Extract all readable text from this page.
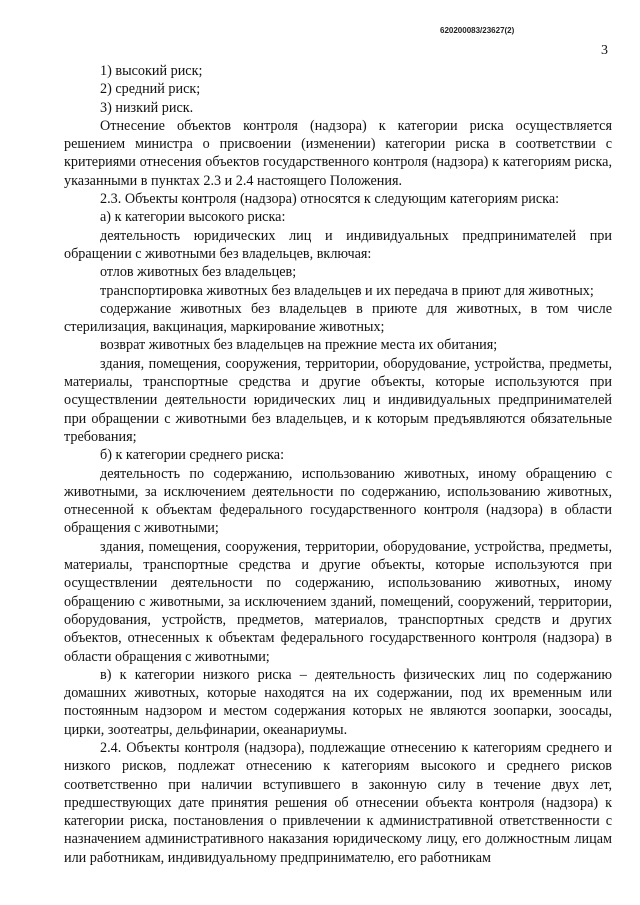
620200083/23627(2)
3

1) высокий риск;

2) средний риск;

3) низкий риск.

Отнесение объектов контроля (надзора) к категории риска осуществляется решением министра о присвоении (изменении) категории риска в соответствии с критериями отнесения объектов государственного контроля (надзора) к категориям риска, указанными в пунктах 2.3 и 2.4 настоящего Положения.

2.3. Объекты контроля (надзора) относятся к следующим категориям риска:

а) к категории высокого риска:

деятельность юридических лиц и индивидуальных предпринимателей при обращении с животными без владельцев, включая:

отлов животных без владельцев;

транспортировка животных без владельцев и их передача в приют для животных;

содержание животных без владельцев в приюте для животных, в том числе стерилизация, вакцинация, маркирование животных;

возврат животных без владельцев на прежние места их обитания;

здания, помещения, сооружения, территории, оборудование, устройства, предметы, материалы, транспортные средства и другие объекты, которые используются при осуществлении деятельности юридических лиц и индивидуальных предпринимателей при обращении с животными без владельцев, и к которым предъявляются обязательные требования;

б) к категории среднего риска:

деятельность по содержанию, использованию животных, иному обращению с животными, за исключением деятельности по содержанию, использованию животных, отнесенной к объектам федерального государственного контроля (надзора) в области обращения с животными;

здания, помещения, сооружения, территории, оборудование, устройства, предметы, материалы, транспортные средства и другие объекты, которые используются при осуществлении деятельности по содержанию, использованию животных, иному обращению с животными, за исключением зданий, помещений, сооружений, территории, оборудования, устройств, предметов, материалов, транспортных средств и других объектов, отнесенных к объектам федерального государственного контроля (надзора) в области обращения с животными;

в) к категории низкого риска – деятельность физических лиц по содержанию домашних животных, которые находятся на их содержании, под их временным или постоянным надзором и местом содержания которых не являются зоопарки, зоосады, цирки, зоотеатры, дельфинарии, океанариумы.

2.4. Объекты контроля (надзора), подлежащие отнесению к категориям среднего и низкого рисков, подлежат отнесению к категориям высокого и среднего рисков соответственно при наличии вступившего в законную силу в течение двух лет, предшествующих дате принятия решения об отнесении объекта контроля (надзора) к категории риска, постановления о привлечении к административной ответственности с назначением административного наказания юридическому лицу, его должностным лицам или работникам, индивидуальному предпринимателю, его работникам
